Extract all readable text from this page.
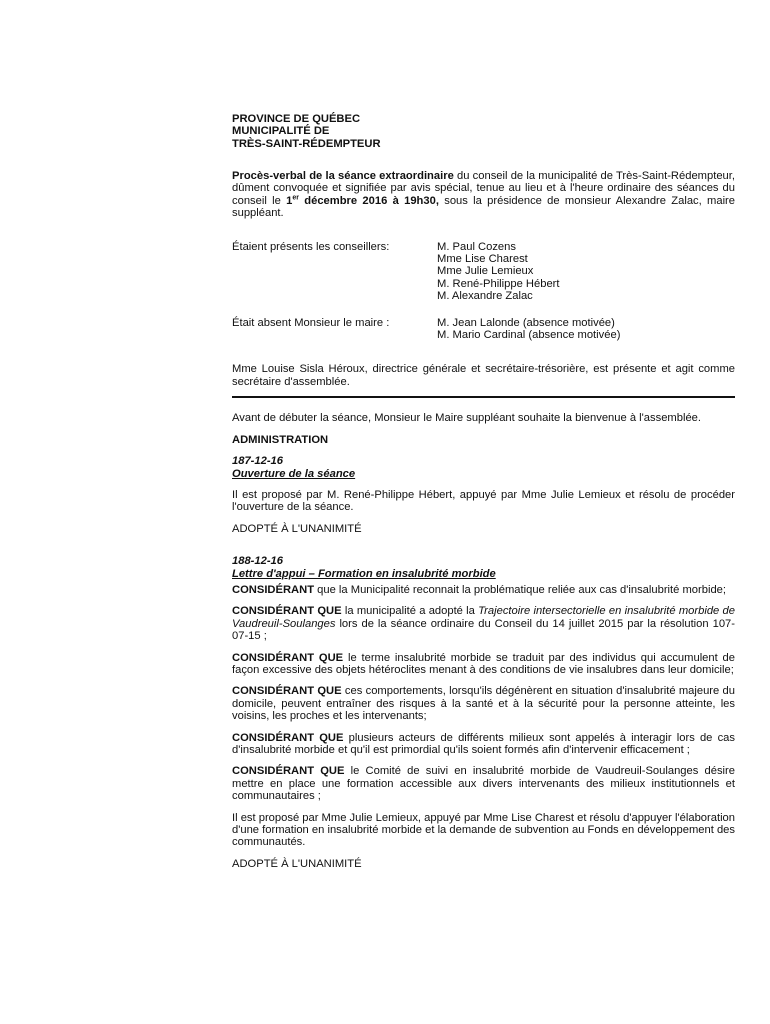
PROVINCE DE QUÉBEC
MUNICIPALITÉ DE
TRÈS-SAINT-RÉDEMPTEUR

Procès-verbal de la séance extraordinaire du conseil de la municipalité de Très-Saint-Rédempteur, dûment convoquée et signifiée par avis spécial, tenue au lieu et à l'heure ordinaire des séances du conseil le 1er décembre 2016 à 19h30, sous la présidence de monsieur Alexandre Zalac, maire suppléant.

Étaient présents les conseillers:	M. Paul Cozens
Mme Lise Charest
Mme Julie Lemieux
M. René-Philippe Hébert
M. Alexandre Zalac
Était absent Monsieur le maire :	M. Jean Lalonde (absence motivée)
M. Mario Cardinal (absence motivée)

Mme Louise Sisla Héroux, directrice générale et secrétaire-trésorière, est présente et agit comme secrétaire d'assemblée.

Avant de débuter la séance, Monsieur le Maire suppléant souhaite la bienvenue à l'assemblée.

ADMINISTRATION

187-12-16

Ouverture de la séance

Il est proposé par M. René-Philippe Hébert, appuyé par Mme Julie Lemieux et résolu de procéder l'ouverture de la séance.

ADOPTÉ À L'UNANIMITÉ

188-12-16

Lettre d'appui – Formation en insalubrité morbide

CONSIDÉRANT que la Municipalité reconnait la problématique reliée aux cas d'insalubrité morbide;

CONSIDÉRANT QUE la municipalité a adopté la Trajectoire intersectorielle en insalubrité morbide de Vaudreuil-Soulanges lors de la séance ordinaire du Conseil du 14 juillet 2015 par la résolution 107-07-15 ;

CONSIDÉRANT QUE le terme insalubrité morbide se traduit par des individus qui accumulent de façon excessive des objets hétéroclites menant à des conditions de vie insalubres dans leur domicile;

CONSIDÉRANT QUE ces comportements, lorsqu'ils dégénèrent en situation d'insalubrité majeure du domicile, peuvent entraîner des risques à la santé et à la sécurité pour la personne atteinte, les voisins, les proches et les intervenants;

CONSIDÉRANT QUE plusieurs acteurs de différents milieux sont appelés à interagir lors de cas d'insalubrité morbide et qu'il est primordial qu'ils soient formés afin d'intervenir efficacement ;

CONSIDÉRANT QUE le Comité de suivi en insalubrité morbide de Vaudreuil-Soulanges désire mettre en place une formation accessible aux divers intervenants des milieux institutionnels et communautaires ;

Il est proposé par Mme Julie Lemieux, appuyé par Mme Lise Charest et résolu d'appuyer l'élaboration d'une formation en insalubrité morbide et la demande de subvention au Fonds en développement des communautés.

ADOPTÉ À L'UNANIMITÉ
